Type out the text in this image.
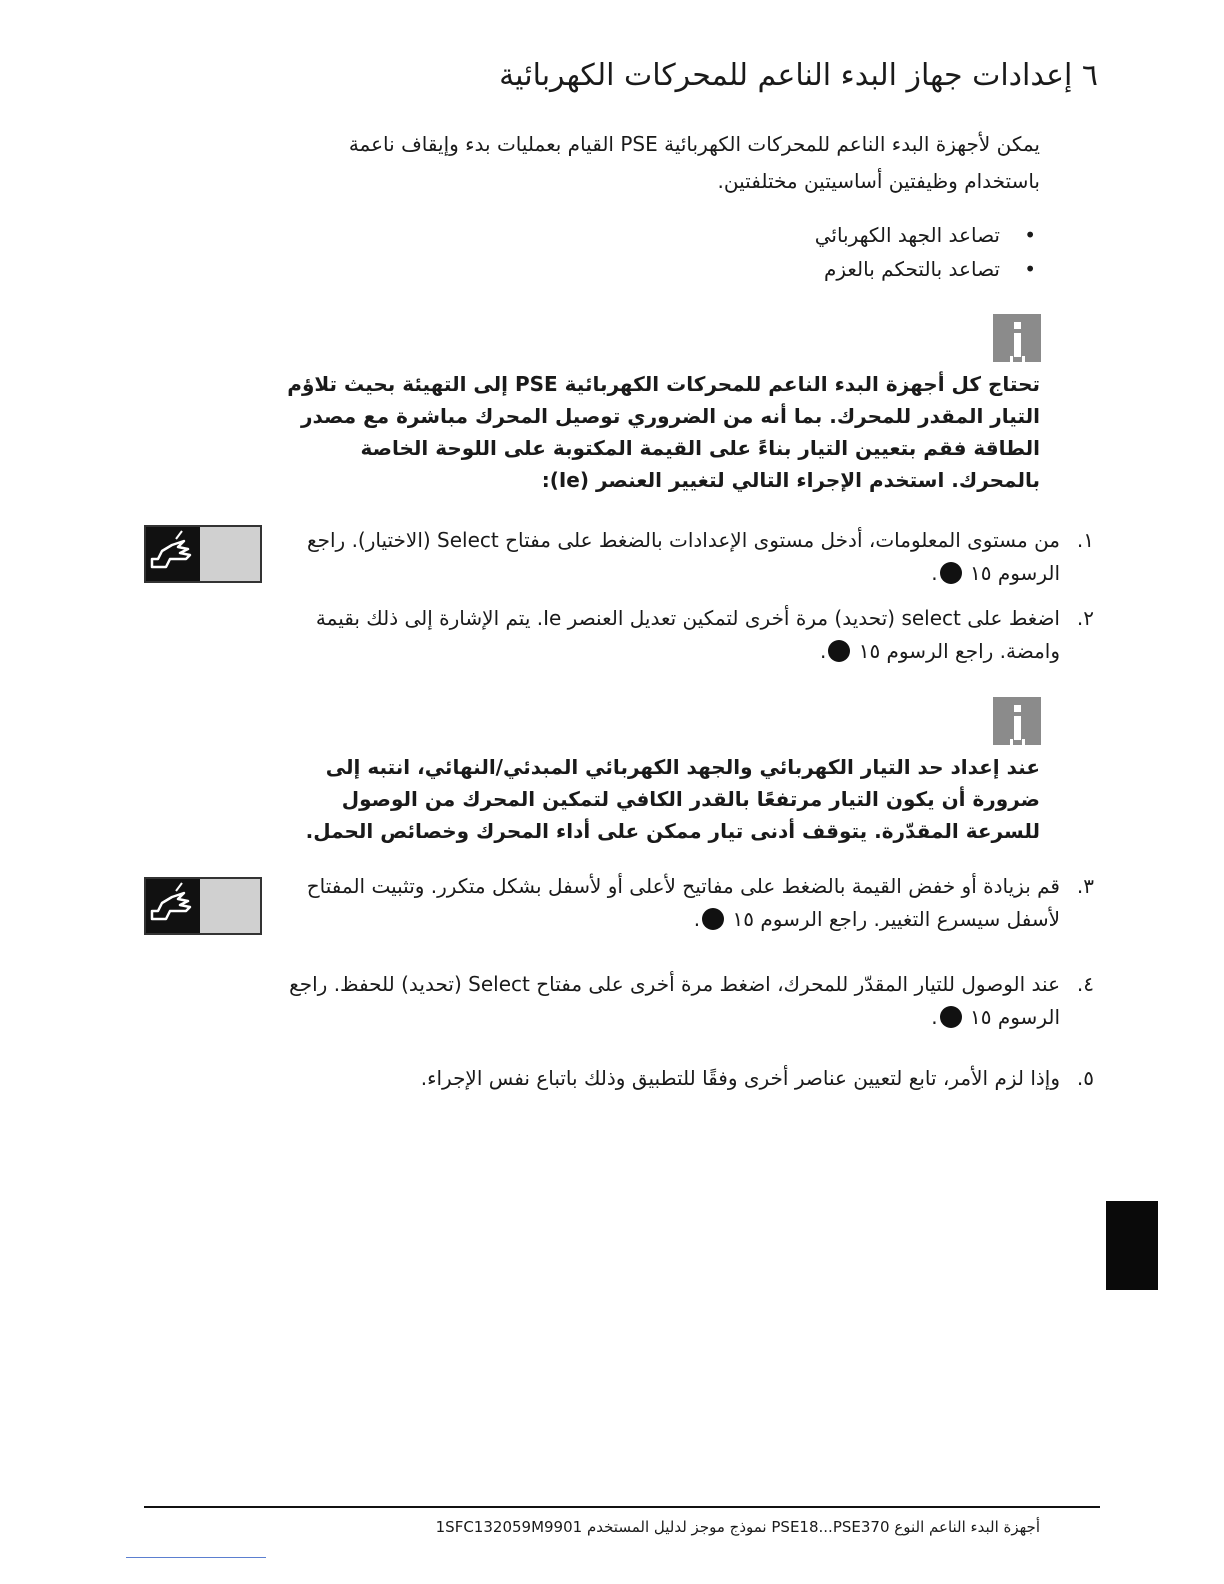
٦ إعدادات جهاز البدء الناعم للمحركات الكهربائية
يمكن لأجهزة البدء الناعم للمحركات الكهربائية PSE القيام بعمليات بدء وإيقاف ناعمة باستخدام وظيفتين أساسيتين مختلفتين.
• تصاعد الجهد الكهربائي
• تصاعد بالتحكم بالعزم
تحتاج كل أجهزة البدء الناعم للمحركات الكهربائية PSE إلى التهيئة بحيث تلاؤم التيار المقدر للمحرك. بما أنه من الضروري توصيل المحرك مباشرة مع مصدر الطاقة فقم بتعيين التيار بناءً على القيمة المكتوبة على اللوحة الخاصة بالمحرك. استخدم الإجراء التالي لتغيير العنصر (Ie):
١.
من مستوى المعلومات، أدخل مستوى الإعدادات بالضغط على مفتاح Select (الاختيار). راجع الرسوم ١٥ .
٢.
اضغط على select (تحديد) مرة أخرى لتمكين تعديل العنصر Ie. يتم الإشارة إلى ذلك بقيمة وامضة. راجع الرسوم ١٥ .
عند إعداد حد التيار الكهربائي والجهد الكهربائي المبدئي/النهائي، انتبه إلى ضرورة أن يكون التيار مرتفعًا بالقدر الكافي لتمكين المحرك من الوصول للسرعة المقدّرة. يتوقف أدنى تيار ممكن على أداء المحرك وخصائص الحمل.
٣.
قم بزيادة أو خفض القيمة بالضغط على مفاتيح لأعلى أو لأسفل بشكل متكرر. وتثبيت المفتاح لأسفل سيسرع التغيير. راجع الرسوم ١٥ .
٤.
عند الوصول للتيار المقدّر للمحرك، اضغط مرة أخرى على مفتاح Select (تحديد) للحفظ. راجع الرسوم ١٥ .
٥.
وإذا لزم الأمر، تابع لتعيين عناصر أخرى وفقًا للتطبيق وذلك باتباع نفس الإجراء.
أجهزة البدء الناعم النوع PSE18...PSE370 نموذج موجز لدليل المستخدم 1SFC132059M9901
